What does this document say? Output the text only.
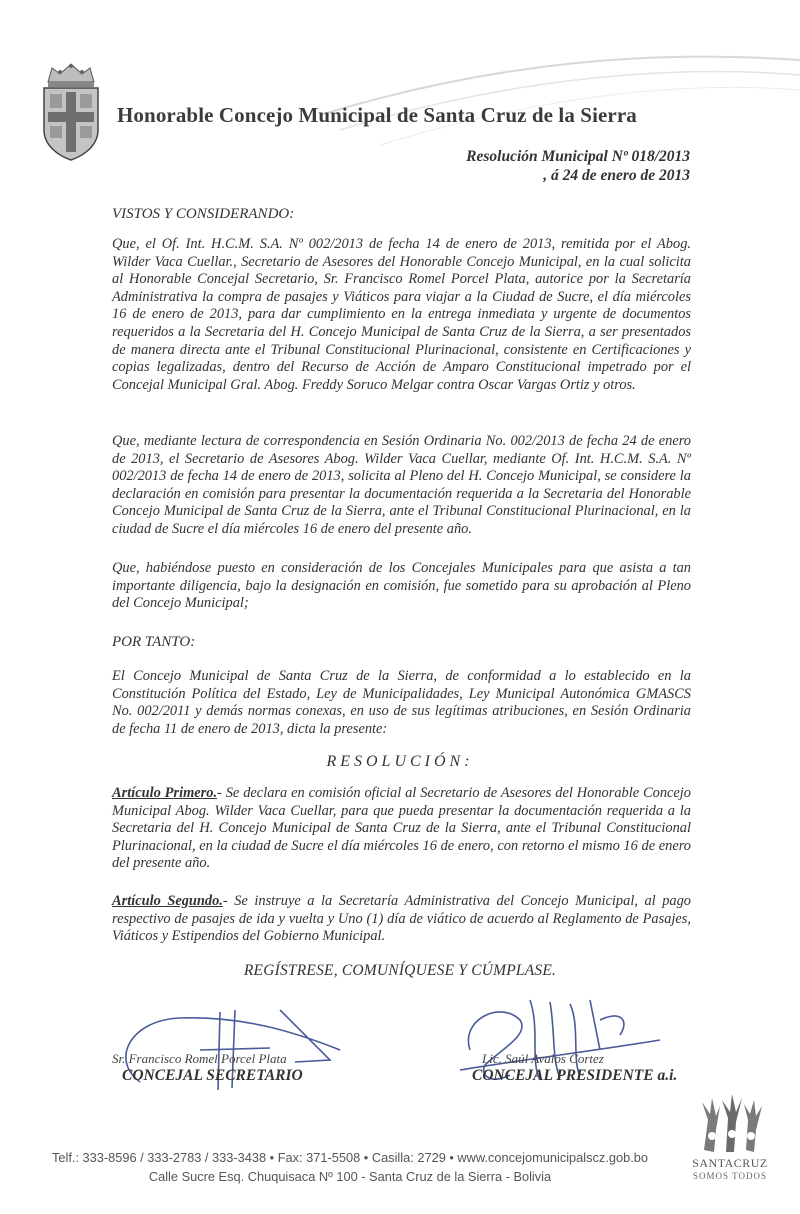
Honorable Concejo Municipal de Santa Cruz de la Sierra
Resolución Municipal Nº 018/2013
, á 24 de enero de 2013
VISTOS Y CONSIDERANDO:

Que, el Of. Int. H.C.M. S.A. Nº 002/2013 de fecha 14 de enero de 2013, remitida por el Abog. Wilder Vaca Cuellar., Secretario de Asesores del Honorable Concejo Municipal, en la cual solicita al Honorable Concejal Secretario, Sr. Francisco Romel Porcel Plata, autorice por la Secretaría Administrativa la compra de pasajes y Viáticos para viajar a la Ciudad de Sucre, el día miércoles 16 de enero de 2013, para dar cumplimiento en la entrega inmediata y urgente de documentos requeridos a la Secretaria del H. Concejo Municipal de Santa Cruz de la Sierra, a ser presentados de manera directa ante el Tribunal Constitucional Plurinacional, consistente en Certificaciones y copias legalizadas, dentro del Recurso de Acción de Amparo Constitucional impetrado por el Concejal Municipal Gral. Abog. Freddy Soruco Melgar contra Oscar Vargas Ortiz y otros.

Que, mediante lectura de correspondencia en Sesión Ordinaria No. 002/2013 de fecha 24 de enero de 2013, el Secretario de Asesores Abog. Wilder Vaca Cuellar, mediante Of. Int. H.C.M. S.A. Nº 002/2013 de fecha 14 de enero de 2013, solicita al Pleno del H. Concejo Municipal, se considere la declaración en comisión para presentar la documentación requerida a la Secretaria del Honorable Concejo Municipal de Santa Cruz de la Sierra, ante el Tribunal Constitucional Plurinacional, en la ciudad de Sucre el día miércoles 16 de enero del presente año.

Que, habiéndose puesto en consideración de los Concejales Municipales para que asista a tan importante diligencia, bajo la designación en comisión, fue sometido para su aprobación al Pleno del Concejo Municipal;

POR TANTO:

El Concejo Municipal de Santa Cruz de la Sierra, de conformidad a lo establecido en la Constitución Política del Estado, Ley de Municipalidades, Ley Municipal Autonómica GMASCS No. 002/2011 y demás normas conexas, en uso de sus legítimas atribuciones, en Sesión Ordinaria de fecha 11 de enero de 2013, dicta la presente:

RESOLUCIÓN:

Artículo Primero.- Se declara en comisión oficial al Secretario de Asesores del Honorable Concejo Municipal Abog. Wilder Vaca Cuellar, para que pueda presentar la documentación requerida a la Secretaria del H. Concejo Municipal de Santa Cruz de la Sierra, ante el Tribunal Constitucional Plurinacional, en la ciudad de Sucre el día miércoles 16 de enero, con retorno el mismo 16 de enero del presente año.

Artículo Segundo.- Se instruye a la Secretaría Administrativa del Concejo Municipal, al pago respectivo de pasajes de ida y vuelta y Uno (1) día de viático de acuerdo al Reglamento de Pasajes, Viáticos y Estipendios del Gobierno Municipal.

REGÍSTRESE, COMUNÍQUESE Y CÚMPLASE.
Sr. Francisco Romel Porcel Plata
CONCEJAL SECRETARIO
Lic. Saúl Avalos Cortez
CONCEJAL PRESIDENTE a.i.
Telf.: 333-8596 / 333-2783 / 333-3438 • Fax: 371-5508 • Casilla: 2729 • www.concejomunicipalscz.gob.bo
Calle Sucre Esq. Chuquisaca Nº 100 - Santa Cruz de la Sierra - Bolivia
SANTACRUZ
SOMOS TODOS
